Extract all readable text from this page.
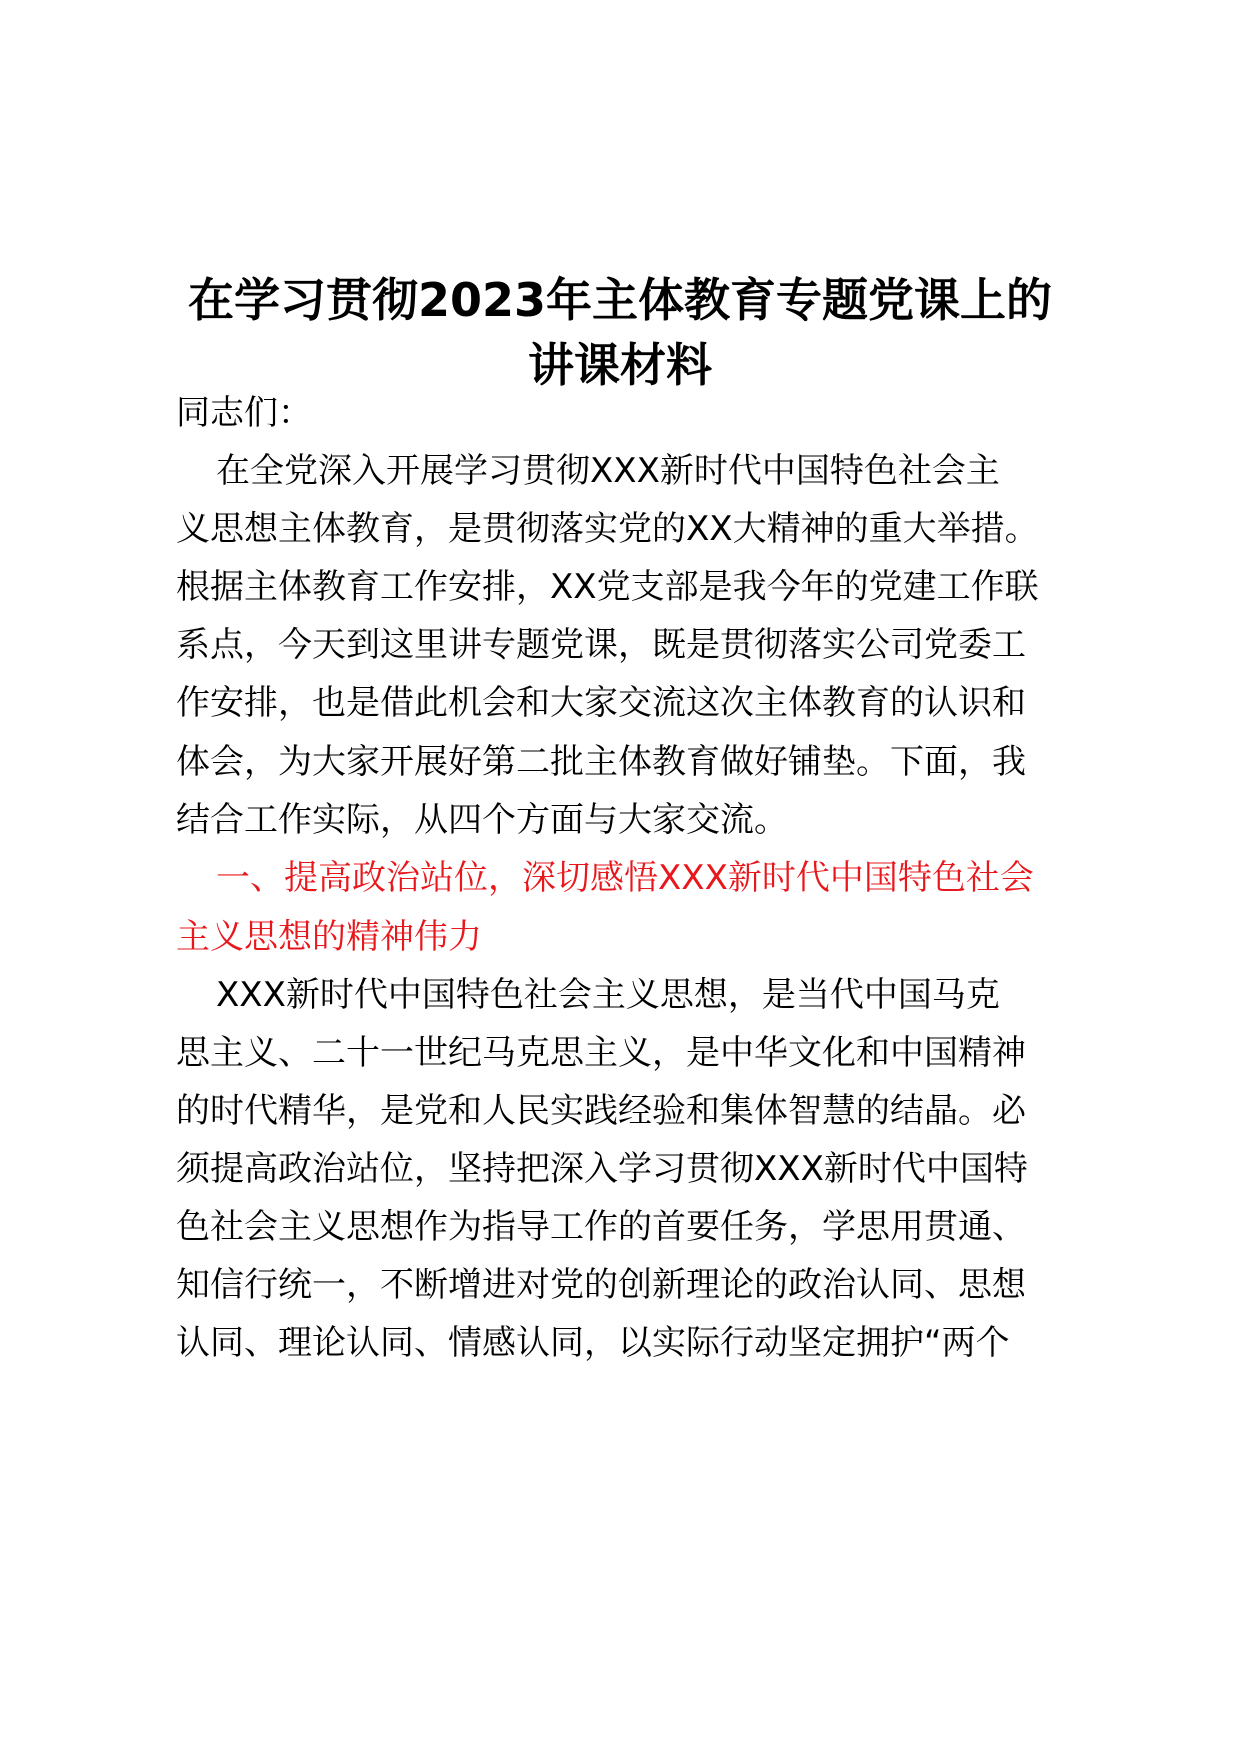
在学习贯彻2023年主体教育专题党课上的
讲课材料

同志们：

在全党深入开展学习贯彻XXX新时代中国特色社会主

义思想主体教育，是贯彻落实党的XX大精神的重大举措。

根据主体教育工作安排，XX党支部是我今年的党建工作联

系点，今天到这里讲专题党课，既是贯彻落实公司党委工

作安排，也是借此机会和大家交流这次主体教育的认识和

体会，为大家开展好第二批主体教育做好铺垫。下面，我

结合工作实际，从四个方面与大家交流。

一、提高政治站位，深切感悟XXX新时代中国特色社会

主义思想的精神伟力

XXX新时代中国特色社会主义思想，是当代中国马克

思主义、二十一世纪马克思主义，是中华文化和中国精神

的时代精华，是党和人民实践经验和集体智慧的结晶。必

须提高政治站位，坚持把深入学习贯彻XXX新时代中国特

色社会主义思想作为指导工作的首要任务，学思用贯通、

知信行统一，不断增进对党的创新理论的政治认同、思想

认同、理论认同、情感认同，以实际行动坚定拥护“两个
